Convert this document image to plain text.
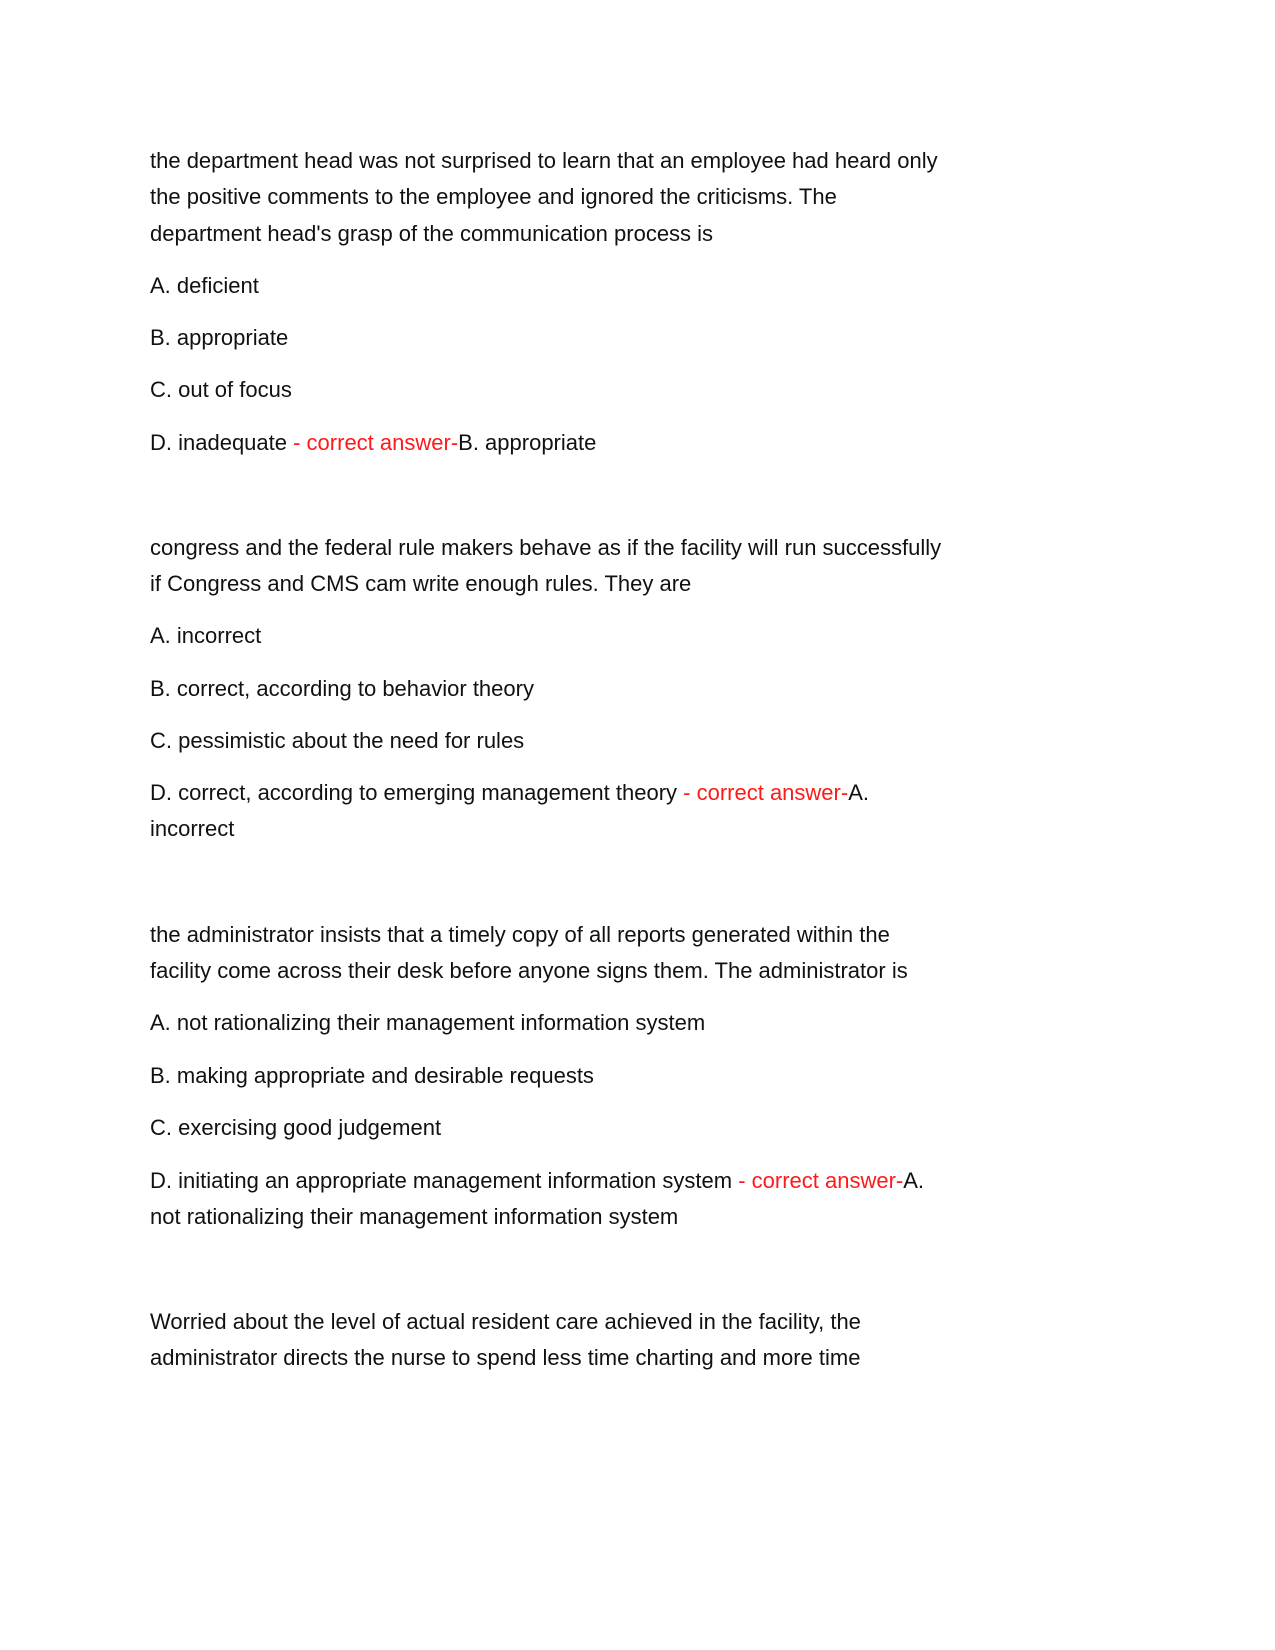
the department head was not surprised to learn that an employee had heard only
the positive comments to the employee and ignored the criticisms. The
department head's grasp of the communication process is
A. deficient
B. appropriate
C. out of focus
D. inadequate - correct answer-B. appropriate
congress and the federal rule makers behave as if the facility will run successfully
if Congress and CMS cam write enough rules. They are
A. incorrect
B. correct, according to behavior theory
C. pessimistic about the need for rules
D. correct, according to emerging management theory - correct answer-A.
incorrect
the administrator insists that a timely copy of all reports generated within the
facility come across their desk before anyone signs them. The administrator is
A. not rationalizing their management information system
B. making appropriate and desirable requests
C. exercising good judgement
D. initiating an appropriate management information system - correct answer-A.
not rationalizing their management information system
Worried about the level of actual resident care achieved in the facility, the
administrator directs the nurse to spend less time charting and more time
